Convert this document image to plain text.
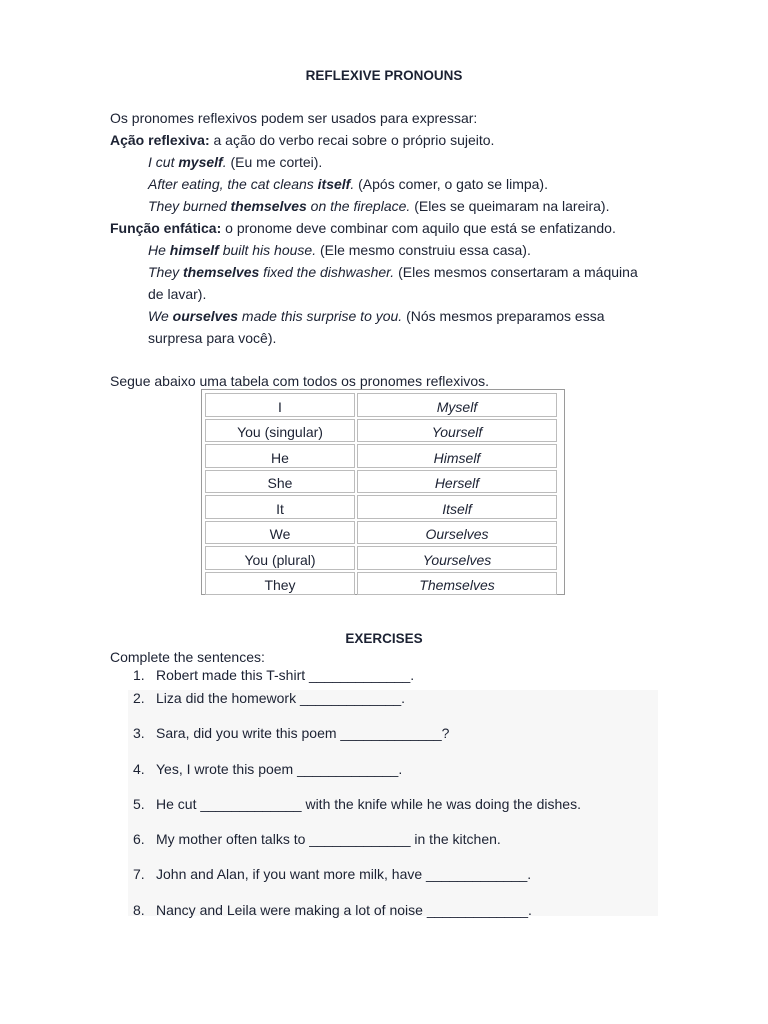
REFLEXIVE PRONOUNS
Os pronomes reflexivos podem ser usados para expressar:
Ação reflexiva: a ação do verbo recai sobre o próprio sujeito.
I cut myself. (Eu me cortei).
After eating, the cat cleans itself. (Após comer, o gato se limpa).
They burned themselves on the fireplace. (Eles se queimaram na lareira).
Função enfática: o pronome deve combinar com aquilo que está se enfatizando.
He himself built his house. (Ele mesmo construiu essa casa).
They themselves fixed the dishwasher. (Eles mesmos consertaram a máquina
de lavar).
We ourselves made this surprise to you. (Nós mesmos preparamos essa
surpresa para você).
Segue abaixo uma tabela com todos os pronomes reflexivos.
I	Myself
You (singular)	Yourself
He	Himself
She	Herself
It	Itself
We	Ourselves
You (plural)	Yourselves
They	Themselves
EXERCISES
Complete the sentences:
1. Robert made this T-shirt _____________.
2. Liza did the homework _____________.
3. Sara, did you write this poem _____________?
4. Yes, I wrote this poem _____________.
5. He cut _____________ with the knife while he was doing the dishes.
6. My mother often talks to _____________ in the kitchen.
7. John and Alan, if you want more milk, have _____________.
8. Nancy and Leila were making a lot of noise _____________.
